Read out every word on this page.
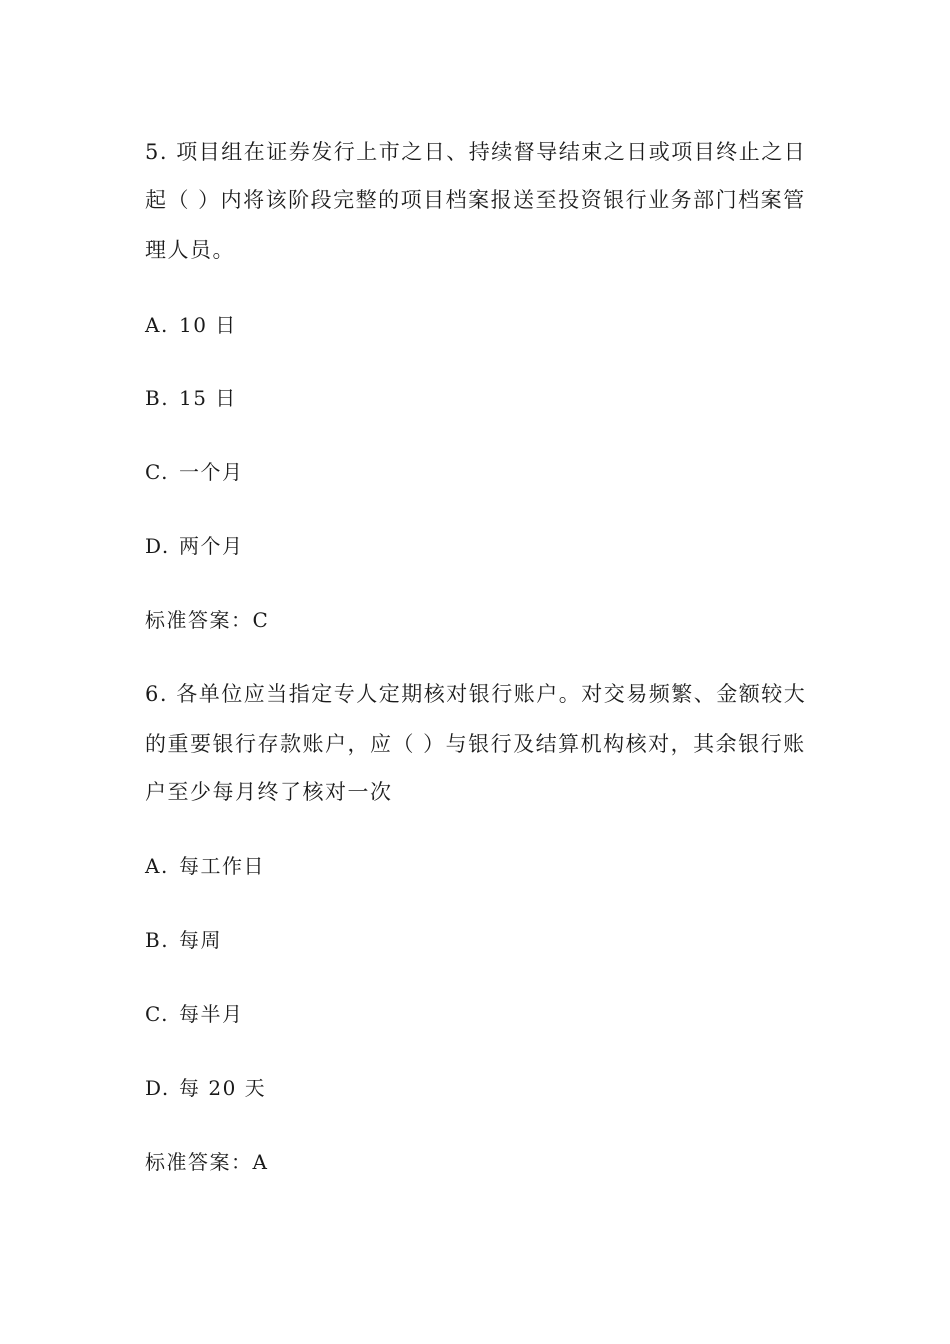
5. 项目组在证券发行上市之日、持续督导结束之日或项目终止之日
起（ ）内将该阶段完整的项目档案报送至投资银行业务部门档案管
理人员。
A. 10 日
B. 15 日
C. 一个月
D. 两个月
标准答案：C
6. 各单位应当指定专人定期核对银行账户。对交易频繁、金额较大
的重要银行存款账户，应（ ）与银行及结算机构核对，其余银行账
户至少每月终了核对一次
A. 每工作日
B. 每周
C. 每半月
D. 每 20 天
标准答案：A
